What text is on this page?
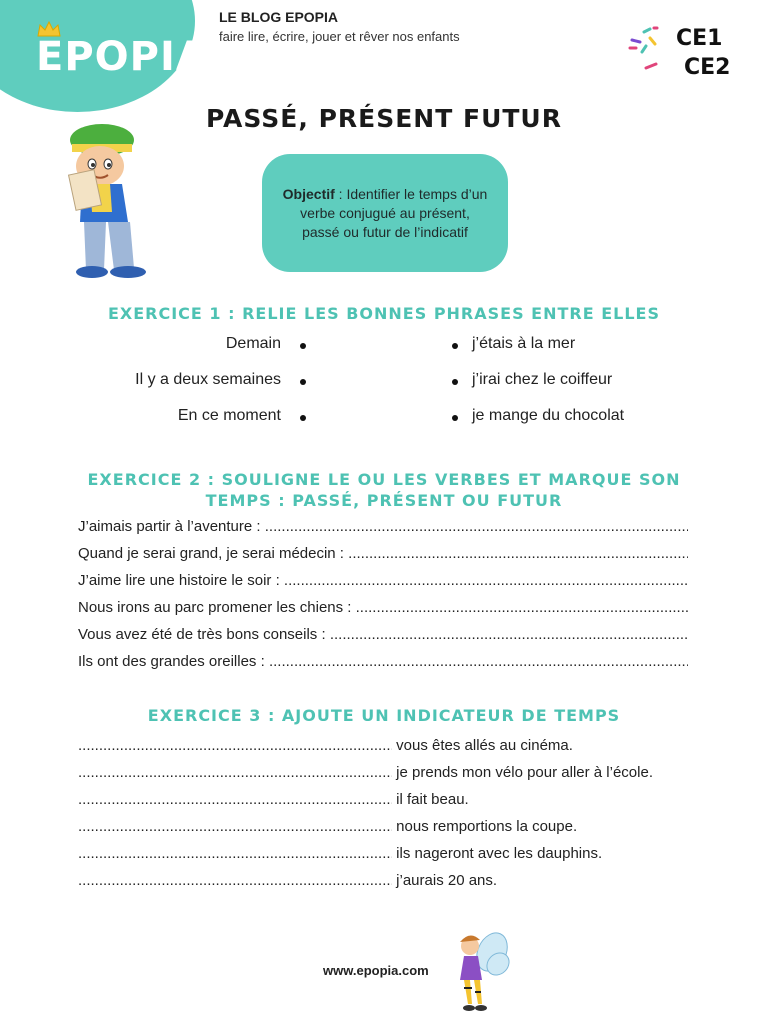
EPOPIA
LE BLOG EPOPIA
faire lire, écrire, jouer et rêver nos enfants	CE1
CE2
PASSÉ, PRÉSENT FUTUR
Objectif : Identifier le temps d’un verbe conjugué au présent, passé ou futur de l’indicatif
EXERCICE 1 : RELIE LES BONNES PHRASES ENTRE ELLES
Demain
Il y a deux semaines
En ce moment
j’étais à la mer
j’irai chez le coiffeur
je mange du chocolat
EXERCICE 2 : SOULIGNE LE OU LES VERBES ET MARQUE SON
TEMPS : PASSÉ, PRÉSENT OU FUTUR
J’aimais partir à l’aventure : .....
Quand je serai grand, je serai médecin : .....
J’aime lire une histoire le soir : .....
Nous irons au parc promener les chiens : .....
Vous avez été de très bons conseils : .....
Ils ont des grandes oreilles : .....
EXERCICE 3 : AJOUTE UN INDICATEUR DE TEMPS
..... vous êtes allés au cinéma.
..... je prends mon vélo pour aller à l’école.
..... il fait beau.
..... nous remportions la coupe.
..... ils nageront avec les dauphins.
..... j’aurais 20 ans.
www.epopia.com
